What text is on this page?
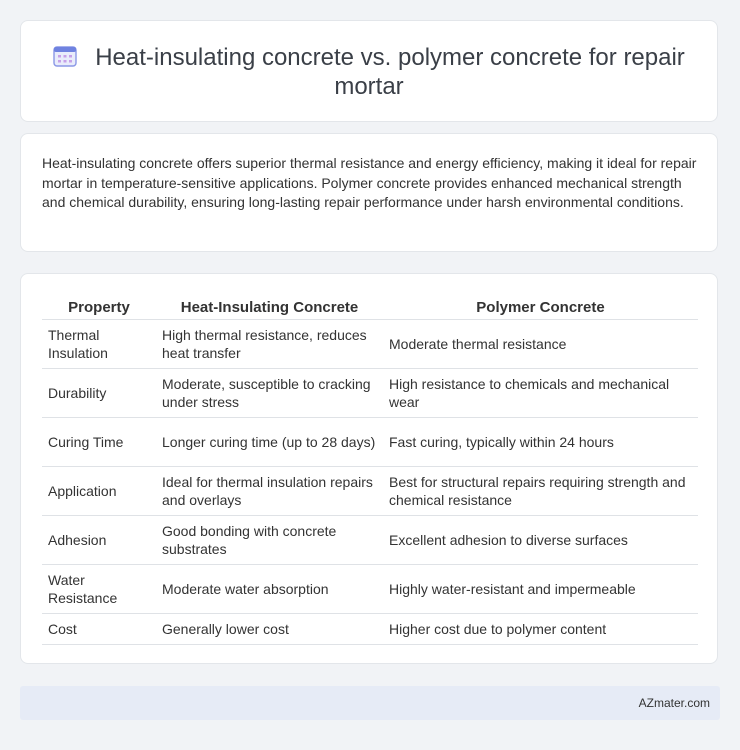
Heat-insulating concrete vs. polymer concrete for repair mortar

Heat-insulating concrete offers superior thermal resistance and energy efficiency, making it ideal for repair mortar in temperature-sensitive applications. Polymer concrete provides enhanced mechanical strength and chemical durability, ensuring long-lasting repair performance under harsh environmental conditions.

Property	Heat-Insulating Concrete	Polymer Concrete
Thermal Insulation	High thermal resistance, reduces heat transfer	Moderate thermal resistance
Durability	Moderate, susceptible to cracking under stress	High resistance to chemicals and mechanical wear
Curing Time	Longer curing time (up to 28 days)	Fast curing, typically within 24 hours
Application	Ideal for thermal insulation repairs and overlays	Best for structural repairs requiring strength and chemical resistance
Adhesion	Good bonding with concrete substrates	Excellent adhesion to diverse surfaces
Water Resistance	Moderate water absorption	Highly water-resistant and impermeable
Cost	Generally lower cost	Higher cost due to polymer content
AZmater.com
